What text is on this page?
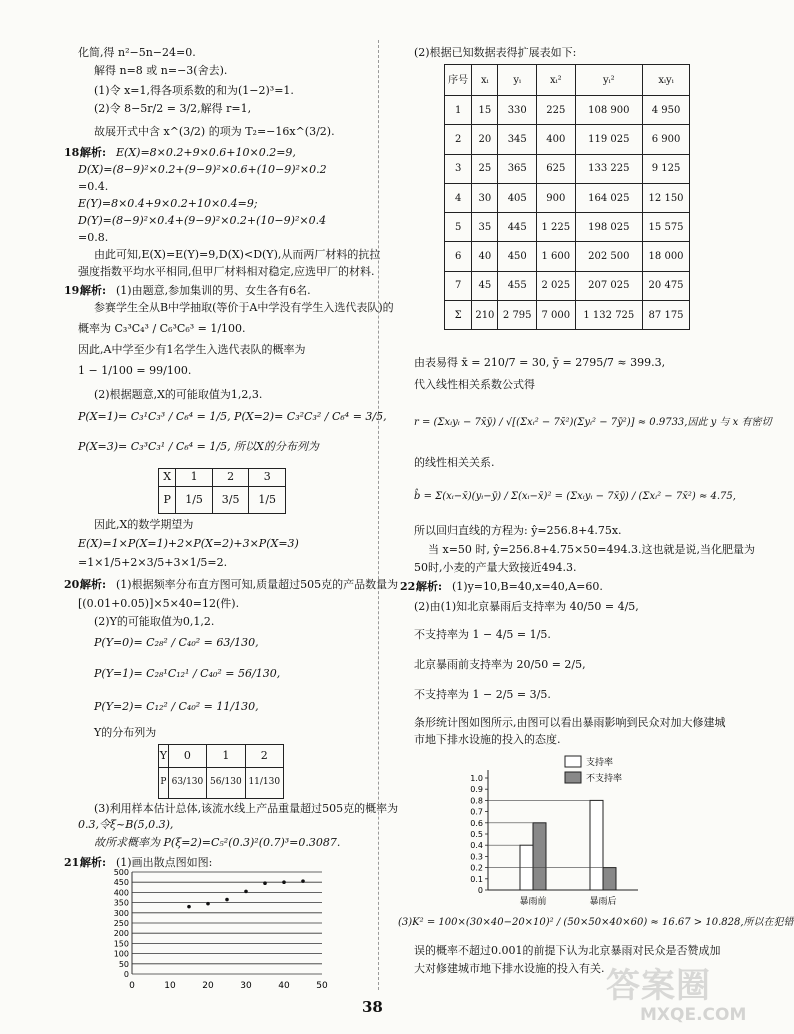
化简,得 n²−5n−24=0.
解得 n=8 或 n=−3(舍去).
(1)令 x=1,得各项系数的和为(1−2)³=1.
(2)令 8−5r/2 = 3/2,解得 r=1,
故展开式中含 x^(3/2) 的项为 T₂=−16x^(3/2).
18.
解析: E(X)=8×0.2+9×0.6+10×0.2=9,
D(X)=(8−9)²×0.2+(9−9)²×0.6+(10−9)²×0.2
=0.4.
E(Y)=8×0.4+9×0.2+10×0.4=9;
D(Y)=(8−9)²×0.4+(9−9)²×0.2+(10−9)²×0.4
=0.8.
由此可知,E(X)=E(Y)=9,D(X)<D(Y),从而两厂材料的抗拉
强度指数平均水平相同,但甲厂材料相对稳定,应选甲厂的材料.
19.
解析: (1)由题意,参加集训的男、女生各有6名.
参赛学生全从B中学抽取(等价于A中学没有学生入选代表队)的
概率为 C₃³C₄³ / C₆³C₆³ = 1/100.
因此,A中学至少有1名学生入选代表队的概率为
1 − 1/100 = 99/100.
(2)根据题意,X的可能取值为1,2,3.
P(X=1)= C₃¹C₃³ / C₆⁴ = 1/5, P(X=2)= C₃²C₃² / C₆⁴ = 3/5,
P(X=3)= C₃³C₃¹ / C₆⁴ = 1/5, 所以X的分布列为
X	1	2	3
P	1/5	3/5	1/5
因此,X的数学期望为
E(X)=1×P(X=1)+2×P(X=2)+3×P(X=3)
=1×1/5+2×3/5+3×1/5=2.
20.
解析: (1)根据频率分布直方图可知,质量超过505克的产品数量为
[(0.01+0.05)]×5×40=12(件).
(2)Y的可能取值为0,1,2.
P(Y=0)= C₂₈² / C₄₀² = 63/130,
P(Y=1)= C₂₈¹C₁₂¹ / C₄₀² = 56/130,
P(Y=2)= C₁₂² / C₄₀² = 11/130,
Y的分布列为
Y	0	1	2
P	63/130	56/130	11/130
(3)利用样本估计总体,该流水线上产品重量超过505克的概率为
0.3,令ξ~B(5,0.3),
故所求概率为 P(ξ=2)=C₅²(0.3)²(0.7)³=0.3087.
21.
解析: (1)画出散点图如图:
500
450
400
350
300
250
200
150
100
50
0
0	10	20	30	40	50
(2)根据已知数据表得扩展表如下:
序号	xᵢ	yᵢ	xᵢ²	yᵢ²	xᵢyᵢ
1	15	330	225	108 900	4 950
2	20	345	400	119 025	6 900
3	25	365	625	133 225	9 125
4	30	405	900	164 025	12 150
5	35	445	1 225	198 025	15 575
6	40	450	1 600	202 500	18 000
7	45	455	2 025	207 025	20 475
Σ	210	2 795	7 000	1 132 725	87 175
由表易得 x̄ = 210/7 = 30, ȳ = 2795/7 ≈ 399.3,
代入线性相关系数公式得
r = (Σxᵢyᵢ − 7x̄ȳ) / √[(Σxᵢ² − 7x̄²)(Σyᵢ² − 7ȳ²)] ≈ 0.9733,因此 y 与 x 有密切
的线性相关关系.
b̂ = Σ(xᵢ−x̄)(yᵢ−ȳ) / Σ(xᵢ−x̄)² = (Σxᵢyᵢ − 7x̄ȳ) / (Σxᵢ² − 7x̄²) ≈ 4.75,
所以回归直线的方程为: ŷ=256.8+4.75x.
当 x=50 时, ŷ=256.8+4.75×50=494.3.这也就是说,当化肥量为
50时,小麦的产量大致接近494.3.
22.
解析: (1)y=10,B=40,x=40,A=60.
(2)由(1)知北京暴雨后支持率为 40/50 = 4/5,
不支持率为 1 − 4/5 = 1/5.
北京暴雨前支持率为 20/50 = 2/5,
不支持率为 1 − 2/5 = 3/5.
条形统计图如图所示,由图可以看出暴雨影响到民众对加大修建城
市地下排水设施的投入的态度.
1.0
0.9
0.8
0.7
0.6
0.5
0.4
0.3
0.2
0.1
0
暴雨前	暴雨后
支持率
不支持率
(3)K² = 100×(30×40−20×10)² / (50×50×40×60) ≈ 16.67 > 10.828,所以在犯错
误的概率不超过0.001的前提下认为北京暴雨对民众是否赞成加
大对修建城市地下排水设施的投入有关.
38
答案圈
MXQE.COM
